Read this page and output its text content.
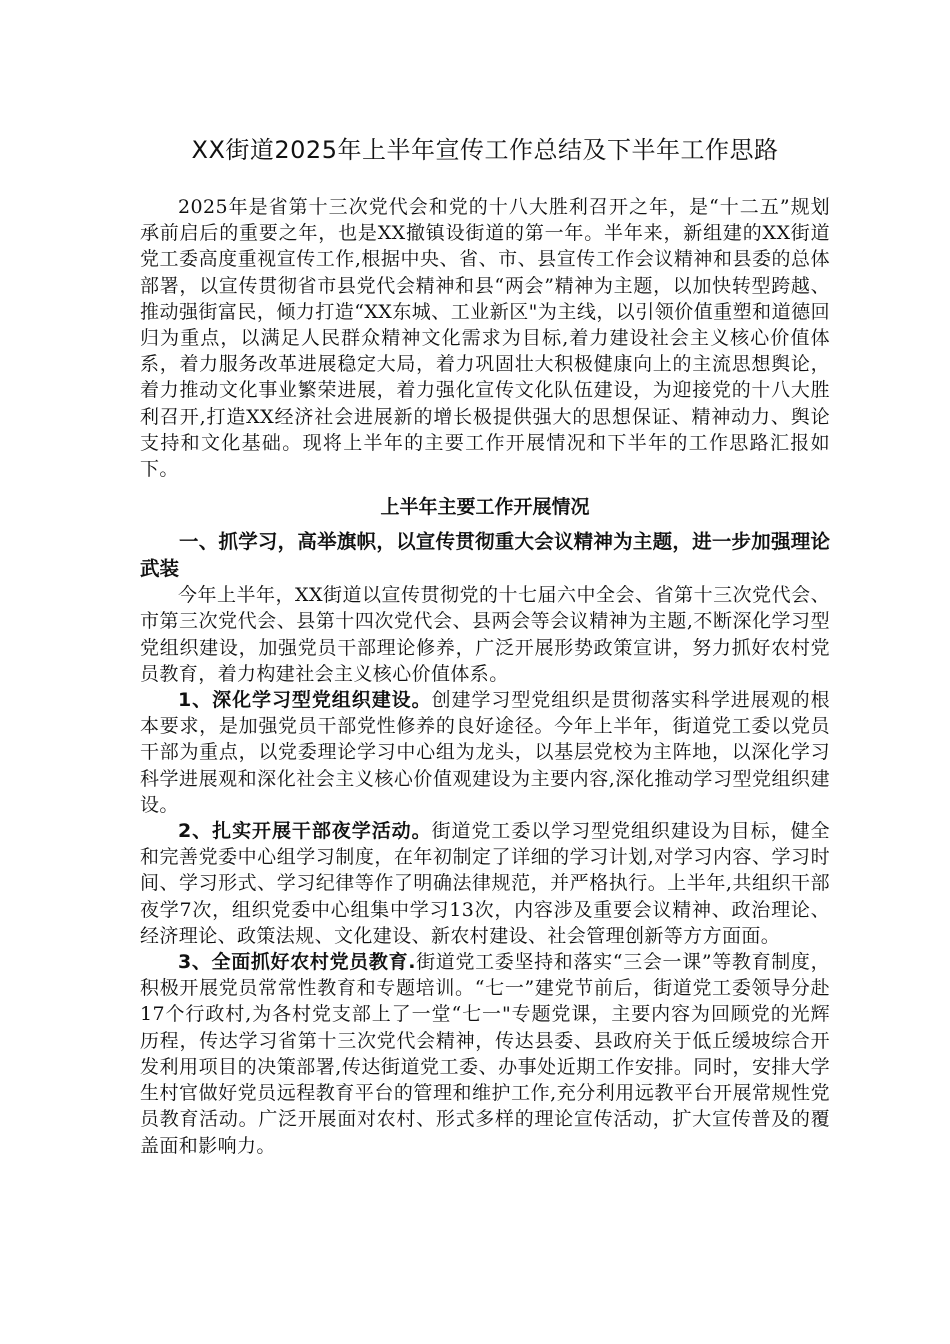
XX街道2025年上半年宣传工作总结及下半年工作思路

2025年是省第十三次党代会和党的十八大胜利召开之年，是“十二五”规划承前启后的重要之年，也是XX撤镇设街道的第一年。半年来，新组建的XX街道党工委高度重视宣传工作,根据中央、省、市、县宣传工作会议精神和县委的总体部署，以宣传贯彻省市县党代会精神和县“两会”精神为主题，以加快转型跨越、推动强街富民，倾力打造“XX东城、工业新区"为主线，以引领价值重塑和道德回归为重点，以满足人民群众精神文化需求为目标,着力建设社会主义核心价值体系，着力服务改革进展稳定大局，着力巩固壮大积极健康向上的主流思想舆论，着力推动文化事业繁荣进展，着力强化宣传文化队伍建设，为迎接党的十八大胜利召开,打造XX经济社会进展新的增长极提供强大的思想保证、精神动力、舆论支持和文化基础。现将上半年的主要工作开展情况和下半年的工作思路汇报如下。

上半年主要工作开展情况
一、抓学习，高举旗帜，以宣传贯彻重大会议精神为主题，进一步加强理论武装

今年上半年，XX街道以宣传贯彻党的十七届六中全会、省第十三次党代会、市第三次党代会、县第十四次党代会、县两会等会议精神为主题,不断深化学习型党组织建设，加强党员干部理论修养，广泛开展形势政策宣讲，努力抓好农村党员教育，着力构建社会主义核心价值体系。

1、深化学习型党组织建设。创建学习型党组织是贯彻落实科学进展观的根本要求，是加强党员干部党性修养的良好途径。今年上半年，街道党工委以党员干部为重点，以党委理论学习中心组为龙头，以基层党校为主阵地，以深化学习科学进展观和深化社会主义核心价值观建设为主要内容,深化推动学习型党组织建设。

2、扎实开展干部夜学活动。街道党工委以学习型党组织建设为目标，健全和完善党委中心组学习制度，在年初制定了详细的学习计划,对学习内容、学习时间、学习形式、学习纪律等作了明确法律规范，并严格执行。上半年,共组织干部夜学7次，组织党委中心组集中学习13次，内容涉及重要会议精神、政治理论、经济理论、政策法规、文化建设、新农村建设、社会管理创新等方方面面。

3、全面抓好农村党员教育.街道党工委坚持和落实“三会一课”等教育制度，积极开展党员常常性教育和专题培训。“七一”建党节前后，街道党工委领导分赴17个行政村,为各村党支部上了一堂“七一"专题党课，主要内容为回顾党的光辉历程，传达学习省第十三次党代会精神，传达县委、县政府关于低丘缓坡综合开发利用项目的决策部署,传达街道党工委、办事处近期工作安排。同时，安排大学生村官做好党员远程教育平台的管理和维护工作,充分利用远教平台开展常规性党员教育活动。广泛开展面对农村、形式多样的理论宣传活动，扩大宣传普及的覆盖面和影响力。
